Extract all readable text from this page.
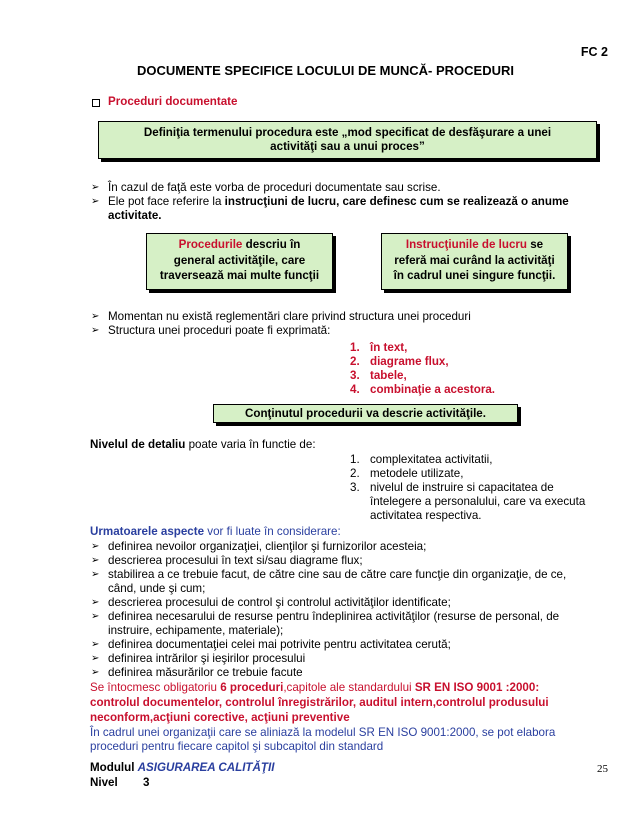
FC 2
DOCUMENTE SPECIFICE LOCULUI DE MUNCĂ- PROCEDURI
Proceduri documentate
Definiţia termenului procedura este „mod specificat de desfăşurare a unei
activităţi sau a unui proces”
➢
În cazul de faţă este vorba de proceduri documentate sau scrise.
➢
Ele pot face referire la instrucţiuni de lucru, care definesc cum se realizează o anume
activitate.
Procedurile descriu în
general activităţile, care
traversează mai multe funcţii
Instrucţiunile de lucru se
referă mai curând la activităţi
în cadrul unei singure funcţii.
➢
Momentan nu există reglementări clare privind structura unei proceduri
➢
Structura unei proceduri poate fi exprimată:
1. în text,
2. diagrame flux,
3. tabele,
4. combinaţie a acestora.
Conţinutul procedurii va descrie activităţile.
Nivelul de detaliu poate varia în functie de:
1. complexitatea activitatii,
2. metodele utilizate,
3. nivelul de instruire si capacitatea de
întelegere a personalului, care va executa
activitatea respectiva.
Urmatoarele aspecte vor fi luate în considerare:
➢
definirea nevoilor organizaţiei, clienţilor şi furnizorilor acesteia;
➢
descrierea procesului în text si/sau diagrame flux;
➢
stabilirea a ce trebuie facut, de către cine sau de către care funcţie din organizaţie, de ce,
când, unde şi cum;
➢
descrierea procesului de control şi controlul activităţilor identificate;
➢
definirea necesarului de resurse pentru îndeplinirea activităţilor (resurse de personal, de
instruire, echipamente, materiale);
➢
definirea documentaţiei celei mai potrivite pentru activitatea cerută;
➢
definirea intrărilor şi ieşirilor procesului
➢
definirea măsurărilor ce trebuie facute
Se întocmesc obligatoriu 6 proceduri,capitole ale standardului SR EN ISO 9001 :2000:
controlul documentelor, controlul înregistrărilor, auditul intern,controlul produsului
neconform,acţiuni corective, acţiuni preventive
În cadrul unei organizaţii care se aliniază la modelul SR EN ISO 9001:2000, se pot elabora
proceduri pentru fiecare capitol şi subcapitol din standard
Modulul ASIGURAREA CALITĂŢII
Nivel 3
25
